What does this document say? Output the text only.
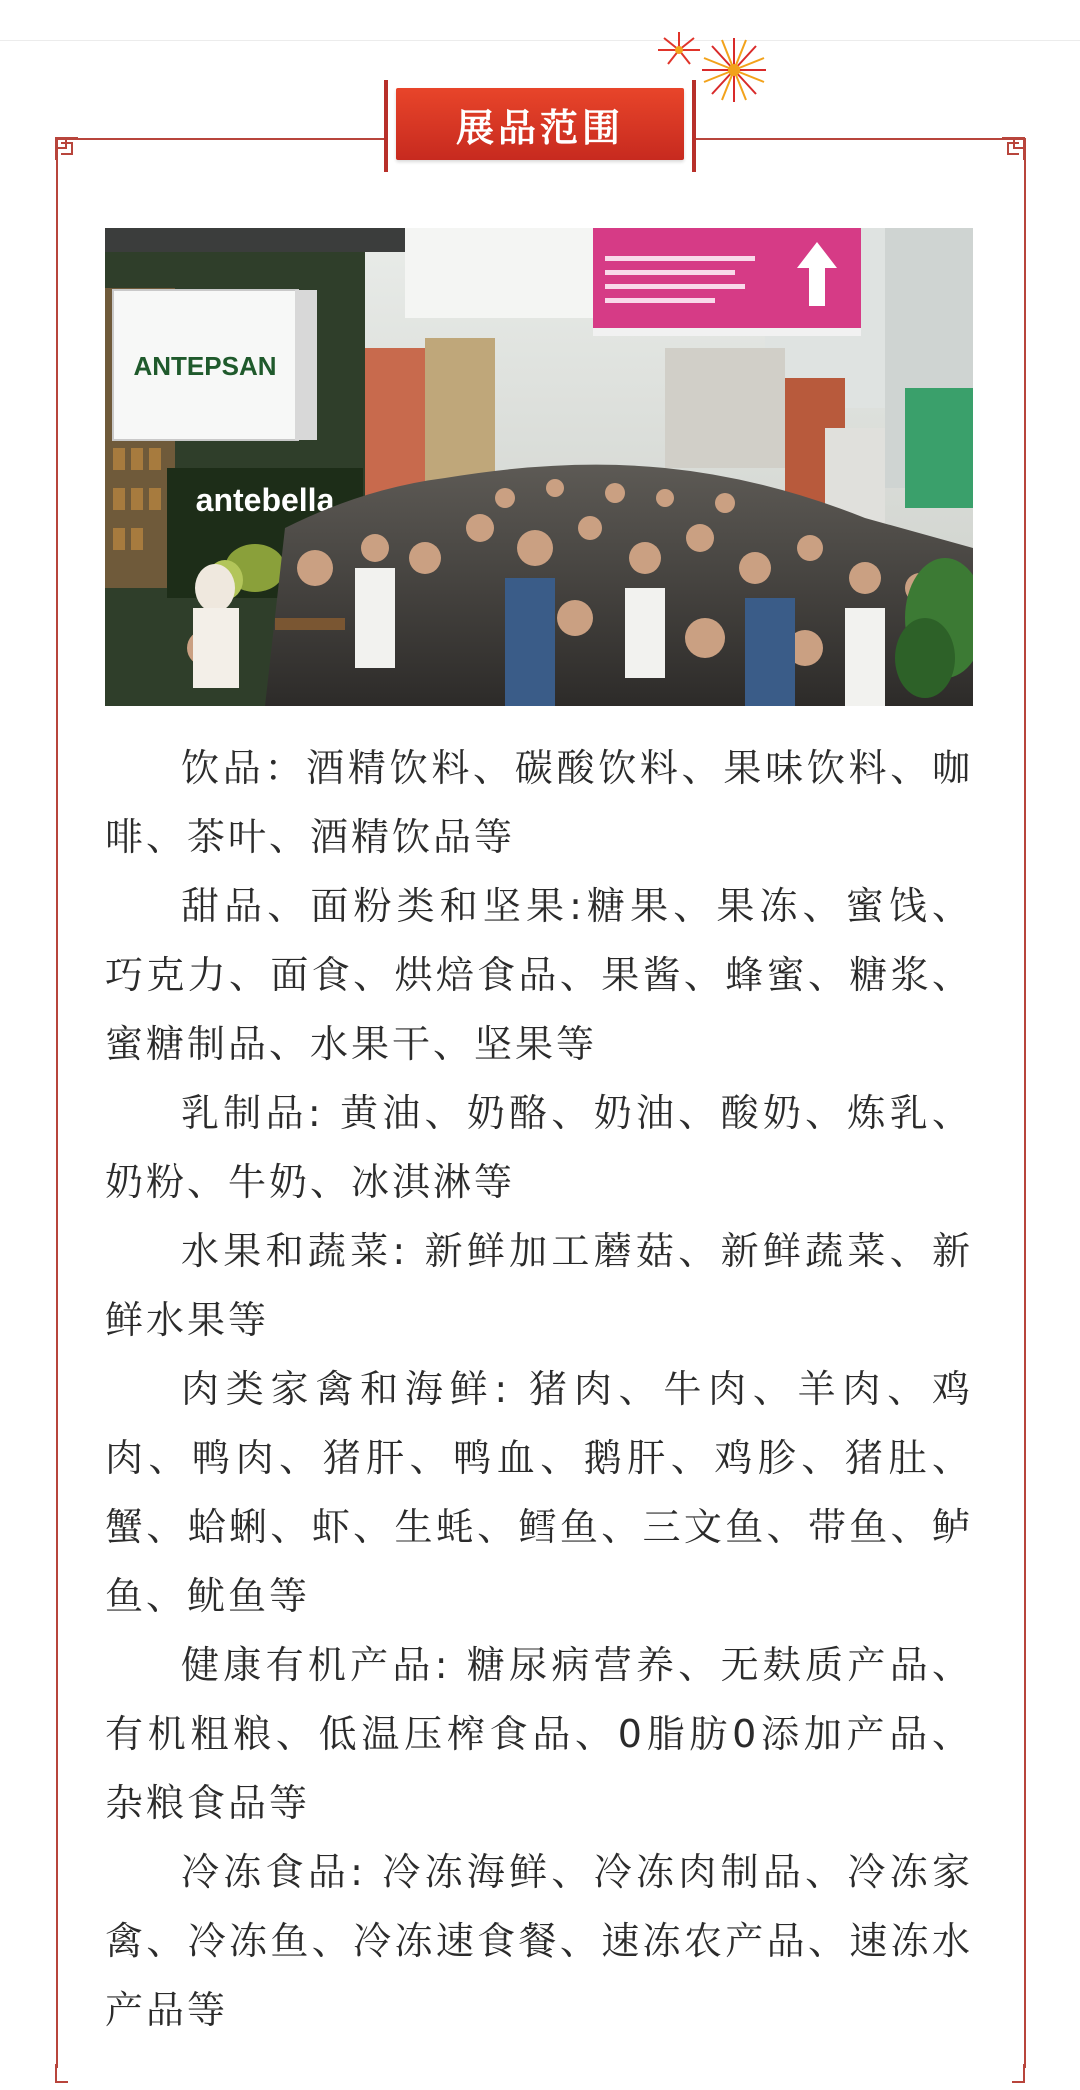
展品范围
ANTEPSAN
antebella

饮品：酒精饮料、碳酸饮料、果味饮料、咖啡、茶叶、酒精饮品等

甜品、面粉类和坚果:糖果、果冻、蜜饯、巧克力、面食、烘焙食品、果酱、蜂蜜、糖浆、蜜糖制品、水果干、坚果等

乳制品: 黄油、奶酪、奶油、酸奶、炼乳、奶粉、牛奶、冰淇淋等

水果和蔬菜: 新鲜加工蘑菇、新鲜蔬菜、新鲜水果等

肉类家禽和海鲜: 猪肉、牛肉、羊肉、鸡肉、鸭肉、猪肝、鸭血、鹅肝、鸡胗、猪肚、蟹、蛤蜊、虾、生蚝、鳕鱼、三文鱼、带鱼、鲈鱼、鱿鱼等

健康有机产品: 糖尿病营养、无麸质产品、有机粗粮、低温压榨食品、0脂肪0添加产品、杂粮食品等

冷冻食品: 冷冻海鲜、冷冻肉制品、冷冻家禽、冷冻鱼、冷冻速食餐、速冻农产品、速冻水产品等
